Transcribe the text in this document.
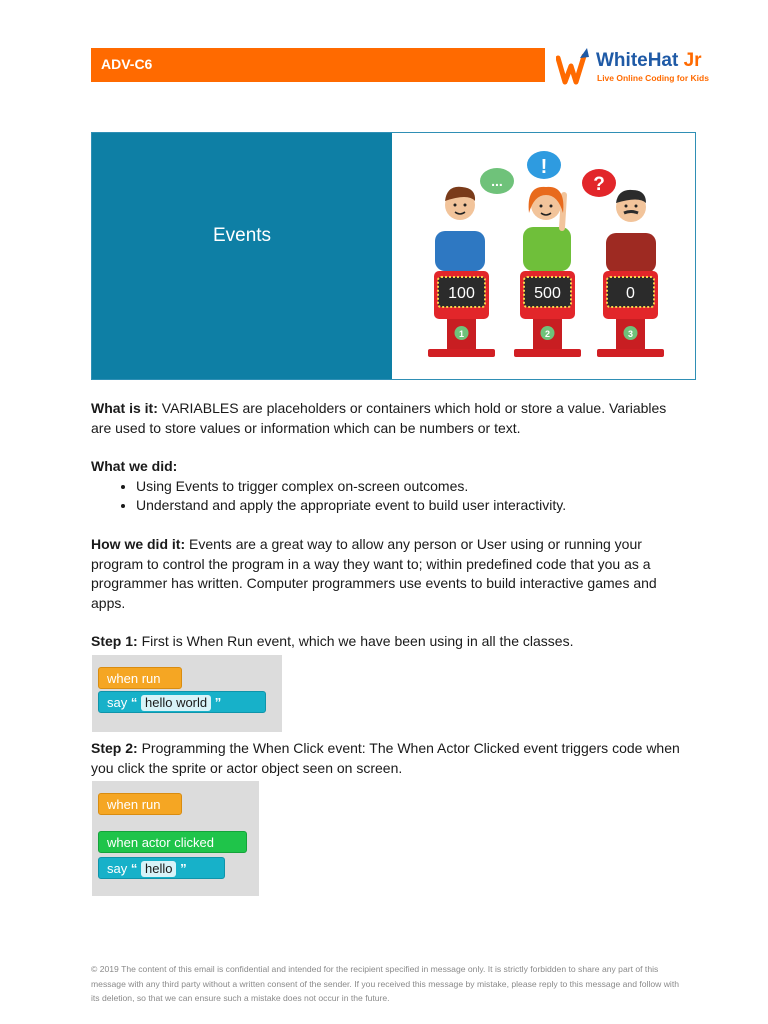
ADV-C6	WhiteHat Jr
Live Online Coding for Kids
Events
...
100
1
!
500
2
?
0
3
What is it: VARIABLES are placeholders or containers which hold or store a value. Variables are used to store values or information which can be numbers or text.
What we did:
• Using Events to trigger complex on-screen outcomes.
• Understand and apply the appropriate event to build user interactivity.
How we did it: Events are a great way to allow any person or User using or running your program to control the program in a way they want to; within predefined code that you as a programmer has written. Computer programmers use events to build interactive games and apps.
Step 1: First is When Run event, which we have been using in all the classes.
when run
say “ hello world ”
Step 2: Programming the When Click event: The When Actor Clicked event triggers code when you click the sprite or actor object seen on screen.
when run
when actor clicked
say “ hello ”
© 2019 The content of this email is confidential and intended for the recipient specified in message only. It is strictly forbidden to share any part of this message with any third party without a written consent of the sender. If you received this message by mistake, please reply to this message and follow with its deletion, so that we can ensure such a mistake does not occur in the future.
